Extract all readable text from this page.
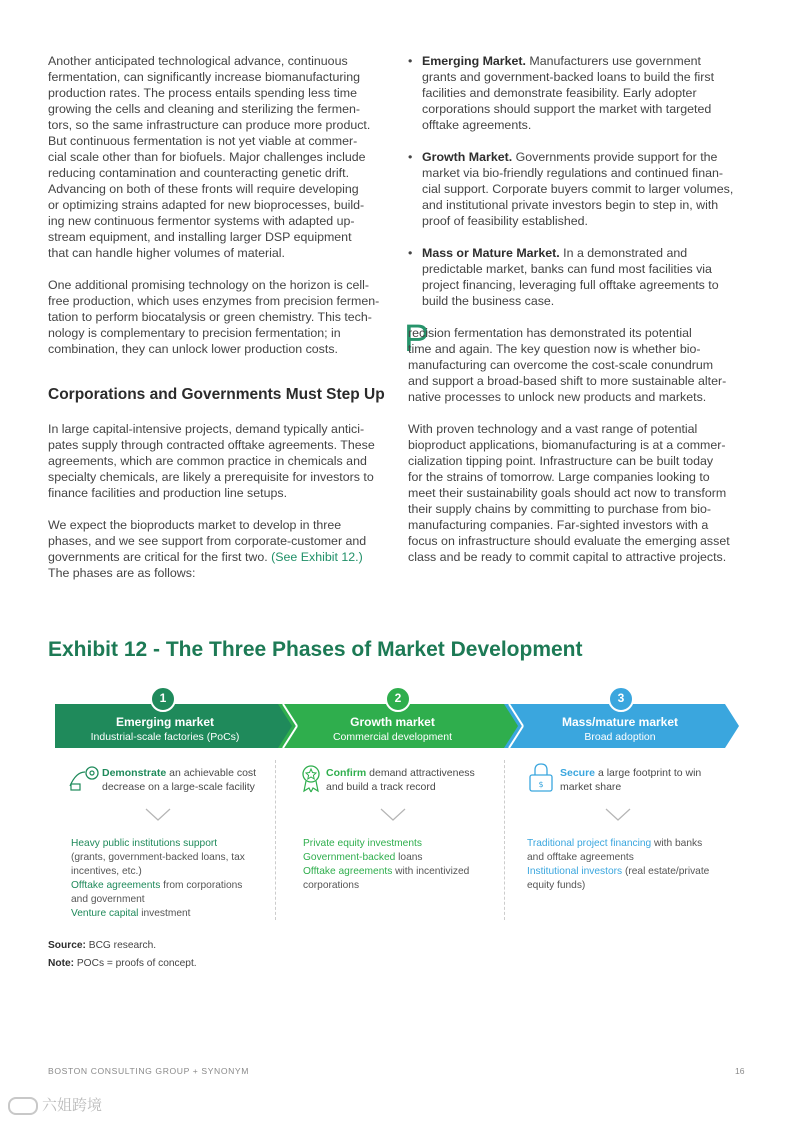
Another anticipated technological advance, continuous
fermentation, can significantly increase biomanufacturing
production rates. The process entails spending less time
growing the cells and cleaning and sterilizing the fermen-
tors, so the same infrastructure can produce more product.
But continuous fermentation is not yet viable at commer-
cial scale other than for biofuels. Major challenges include
reducing contamination and counteracting genetic drift.
Advancing on both of these fronts will require developing
or optimizing strains adapted for new bioprocesses, build-
ing new continuous fermentor systems with adapted up-
stream equipment, and installing larger DSP equipment
that can handle higher volumes of material.
One additional promising technology on the horizon is cell-
free production, which uses enzymes from precision fermen-
tation to perform biocatalysis or green chemistry. This tech-
nology is complementary to precision fermentation; in
combination, they can unlock lower production costs.
Corporations and Governments Must Step Up
In large capital-intensive projects, demand typically antici-
pates supply through contracted offtake agreements. These
agreements, which are common practice in chemicals and
specialty chemicals, are likely a prerequisite for investors to
finance facilities and production line setups.
We expect the bioproducts market to develop in three
phases, and we see support from corporate-customer and
governments are critical for the first two. (See Exhibit 12.)
The phases are as follows:
• Emerging Market. Manufacturers use government
grants and government-backed loans to build the first
facilities and demonstrate feasibility. Early adopter
corporations should support the market with targeted
offtake agreements.
• Growth Market. Governments provide support for the
market via bio-friendly regulations and continued finan-
cial support. Corporate buyers commit to larger volumes,
and institutional private investors begin to step in, with
proof of feasibility established.
• Mass or Mature Market. In a demonstrated and
predictable market, banks can fund most facilities via
project financing, leveraging full offtake agreements to
build the business case.
P
recision fermentation has demonstrated its potential
time and again. The key question now is whether bio-
manufacturing can overcome the cost-scale conundrum
and support a broad-based shift to more sustainable alter-
native processes to unlock new products and markets.
With proven technology and a vast range of potential
bioproduct applications, biomanufacturing is at a commer-
cialization tipping point. Infrastructure can be built today
for the strains of tomorrow. Large companies looking to
meet their sustainability goals should act now to transform
their supply chains by committing to purchase from bio-
manufacturing companies. Far-sighted investors with a
focus on infrastructure should evaluate the emerging asset
class and be ready to commit capital to attractive projects.
Exhibit 12 - The Three Phases of Market Development
1	2	3
Emerging market
Industrial-scale factories (PoCs)
Growth market
Commercial development
Mass/mature market
Broad adoption
$
Demonstrate an achievable cost
decrease on a large-scale facility
Confirm demand attractiveness
and build a track record
Secure a large footprint to win
market share
Heavy public institutions support
(grants, government-backed loans, tax
incentives, etc.)
Offtake agreements from corporations
and government
Venture capital investment
Private equity investments
Government-backed loans
Offtake agreements with incentivized
corporations
Traditional project financing with banks
and offtake agreements
Institutional investors (real estate/private
equity funds)
Source: BCG research.
Note: POCs = proofs of concept.
BOSTON CONSULTING GROUP + SYNONYM	16
六姐跨境
